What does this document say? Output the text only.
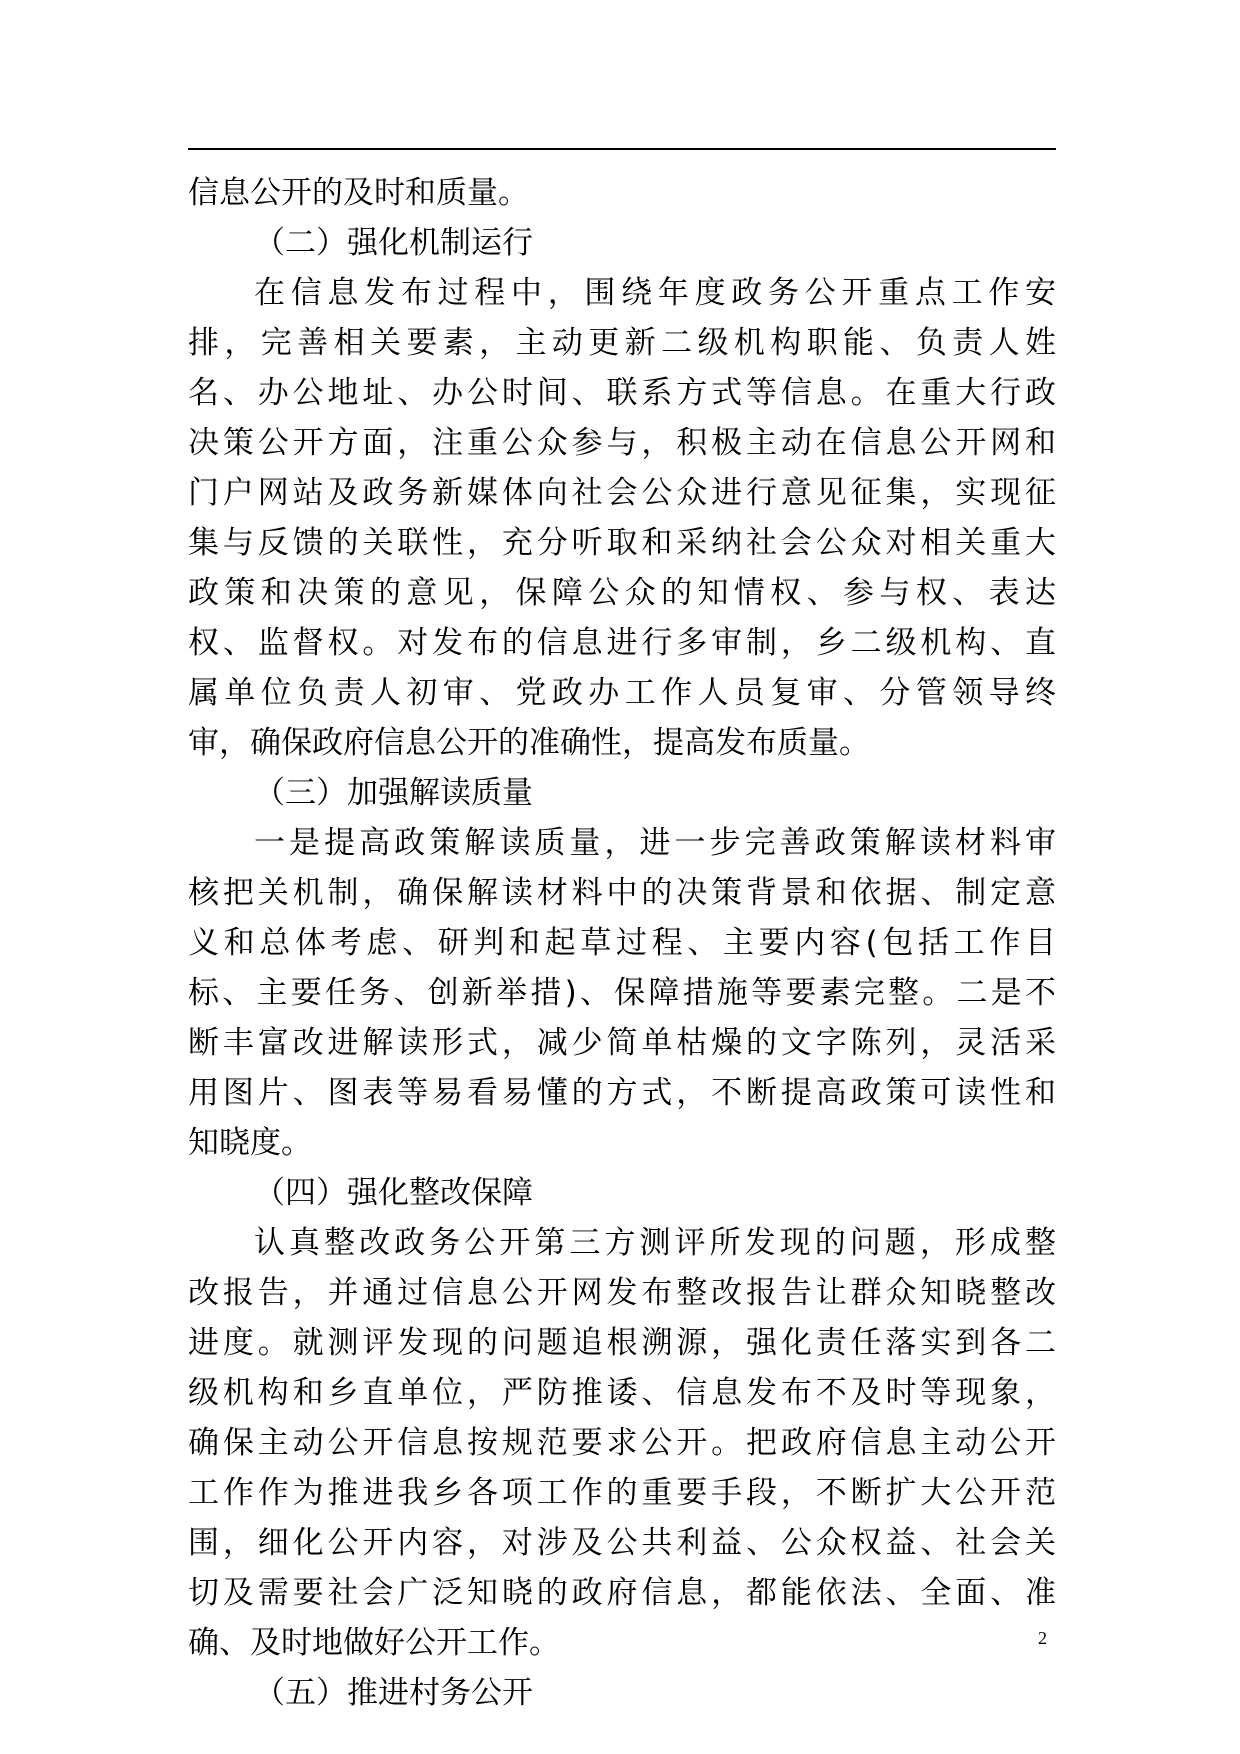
信息公开的及时和质量。
（二）强化机制运行
在信息发布过程中，围绕年度政务公开重点工作安
排，完善相关要素，主动更新二级机构职能、负责人姓
名、办公地址、办公时间、联系方式等信息。在重大行政
决策公开方面，注重公众参与，积极主动在信息公开网和
门户网站及政务新媒体向社会公众进行意见征集，实现征
集与反馈的关联性，充分听取和采纳社会公众对相关重大
政策和决策的意见，保障公众的知情权、参与权、表达
权、监督权。对发布的信息进行多审制，乡二级机构、直
属单位负责人初审、党政办工作人员复审、分管领导终
审，确保政府信息公开的准确性，提高发布质量。
（三）加强解读质量
一是提高政策解读质量，进一步完善政策解读材料审
核把关机制，确保解读材料中的决策背景和依据、制定意
义和总体考虑、研判和起草过程、主要内容(包括工作目
标、主要任务、创新举措)、保障措施等要素完整。二是不
断丰富改进解读形式，减少简单枯燥的文字陈列，灵活采
用图片、图表等易看易懂的方式，不断提高政策可读性和
知晓度。
（四）强化整改保障
认真整改政务公开第三方测评所发现的问题，形成整
改报告，并通过信息公开网发布整改报告让群众知晓整改
进度。就测评发现的问题追根溯源，强化责任落实到各二
级机构和乡直单位，严防推诿、信息发布不及时等现象，
确保主动公开信息按规范要求公开。把政府信息主动公开
工作作为推进我乡各项工作的重要手段，不断扩大公开范
围，细化公开内容，对涉及公共利益、公众权益、社会关
切及需要社会广泛知晓的政府信息，都能依法、全面、准
确、及时地做好公开工作。
（五）推进村务公开
2
